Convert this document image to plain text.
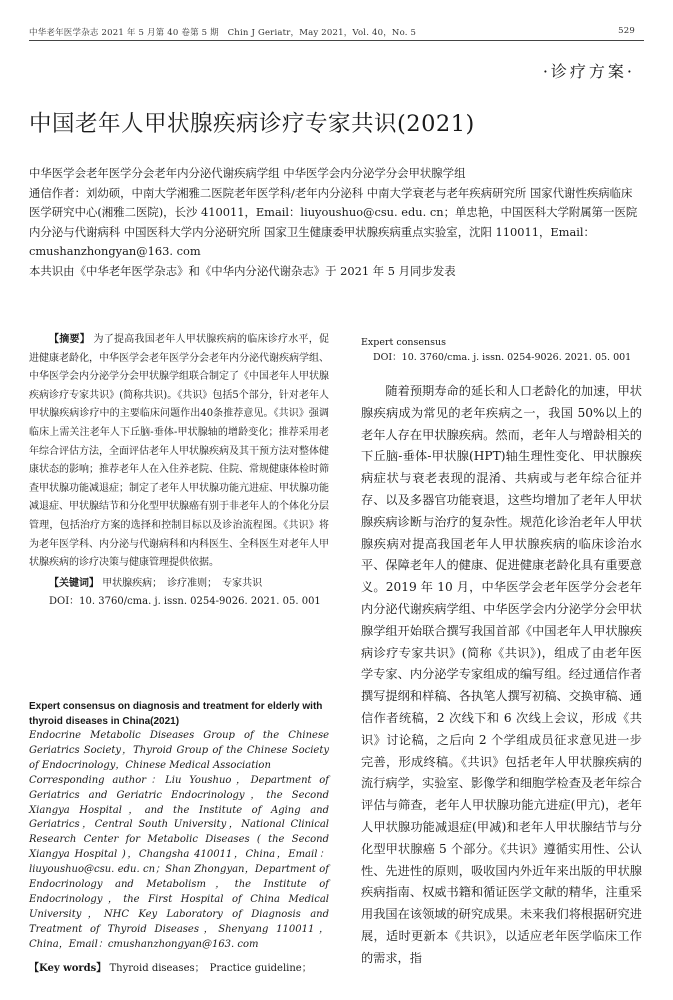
中华老年医学杂志 2021 年 5 月第 40 卷第 5 期　Chin J Geriatr，May 2021，Vol. 40，No. 5	529
·诊疗方案·
中国老年人甲状腺疾病诊疗专家共识(2021)

中华医学会老年医学分会老年内分泌代谢疾病学组 中华医学会内分泌学分会甲状腺学组

通信作者：刘幼硕，中南大学湘雅二医院老年医学科/老年内分泌科 中南大学衰老与老年疾病研究所 国家代谢性疾病临床医学研究中心(湘雅二医院)，长沙 410011，Email：liuyoushuo@csu. edu. cn；单忠艳，中国医科大学附属第一医院内分泌与代谢病科 中国医科大学内分泌研究所 国家卫生健康委甲状腺疾病重点实验室，沈阳 110011，Email：cmushanzhongyan@163. com

本共识由《中华老年医学杂志》和《中华内分泌代谢杂志》于 2021 年 5 月同步发表

【摘要】 为了提高我国老年人甲状腺疾病的临床诊疗水平，促进健康老龄化，中华医学会老年医学分会老年内分泌代谢疾病学组、中华医学会内分泌学分会甲状腺学组联合制定了《中国老年人甲状腺疾病诊疗专家共识》(简称共识)。《共识》包括5个部分，针对老年人甲状腺疾病诊疗中的主要临床问题作出40条推荐意见。《共识》强调临床上需关注老年人下丘脑-垂体-甲状腺轴的增龄变化；推荐采用老年综合评估方法，全面评估老年人甲状腺疾病及其干预方法对整体健康状态的影响；推荐老年人在入住养老院、住院、常规健康体检时筛查甲状腺功能减退症；制定了老年人甲状腺功能亢进症、甲状腺功能减退症、甲状腺结节和分化型甲状腺癌有别于非老年人的个体化分层管理，包括治疗方案的选择和控制目标以及诊治流程图。《共识》将为老年医学科、内分泌与代谢病科和内科医生、全科医生对老年人甲状腺疾病的诊疗决策与健康管理提供依据。

【关键词】 甲状腺疾病；　诊疗准则；　专家共识

DOI：10. 3760/cma. j. issn. 0254-9026. 2021. 05. 001

Expert consensus on diagnosis and treatment for elderly with thyroid diseases in China(2021)

Endocrine Metabolic Diseases Group of the Chinese Geriatrics Society，Thyroid Group of the Chinese Society of Endocrinology，Chinese Medical Association

Corresponding author：Liu Youshuo，Department of Geriatrics and Geriatric Endocrinology，the Second Xiangya Hospital，and the Institute of Aging and Geriatrics，Central South University，National Clinical Research Center for Metabolic Diseases ( the Second Xiangya Hospital )，Changsha 410011，China，Email：liuyoushuo@csu. edu. cn；Shan Zhongyan，Department of Endocrinology and Metabolism，the Institute of Endocrinology，the First Hospital of China Medical University，NHC Key Laboratory of Diagnosis and Treatment of Thyroid Diseases，Shenyang 110011，China，Email：cmushanzhongyan@163. com

【Key words】 Thyroid diseases；　Practice guideline；

Expert consensus

DOI：10. 3760/cma. j. issn. 0254-9026. 2021. 05. 001

随着预期寿命的延长和人口老龄化的加速，甲状腺疾病成为常见的老年疾病之一，我国 50%以上的老年人存在甲状腺疾病。然而，老年人与增龄相关的下丘脑-垂体-甲状腺(HPT)轴生理性变化、甲状腺疾病症状与衰老表现的混淆、共病或与老年综合征并存、以及多器官功能衰退，这些均增加了老年人甲状腺疾病诊断与治疗的复杂性。规范化诊治老年人甲状腺疾病对提高我国老年人甲状腺疾病的临床诊治水平、保障老年人的健康、促进健康老龄化具有重要意义。2019 年 10 月，中华医学会老年医学分会老年内分泌代谢疾病学组、中华医学会内分泌学分会甲状腺学组开始联合撰写我国首部《中国老年人甲状腺疾病诊疗专家共识》(简称《共识》)，组成了由老年医学专家、内分泌学专家组成的编写组。经过通信作者撰写提纲和样稿、各执笔人撰写初稿、交换审稿、通信作者统稿，2 次线下和 6 次线上会议，形成《共识》讨论稿，之后向 2 个学组成员征求意见进一步完善，形成终稿。《共识》包括老年人甲状腺疾病的流行病学，实验室、影像学和细胞学检查及老年综合评估与筛查，老年人甲状腺功能亢进症(甲亢)，老年人甲状腺功能减退症(甲减)和老年人甲状腺结节与分化型甲状腺癌 5 个部分。《共识》遵循实用性、公认性、先进性的原则，吸收国内外近年来出版的甲状腺疾病指南、权威书籍和循证医学文献的精华，注重采用我国在该领域的研究成果。未来我们将根据研究进展，适时更新本《共识》，以适应老年医学临床工作的需求，指
